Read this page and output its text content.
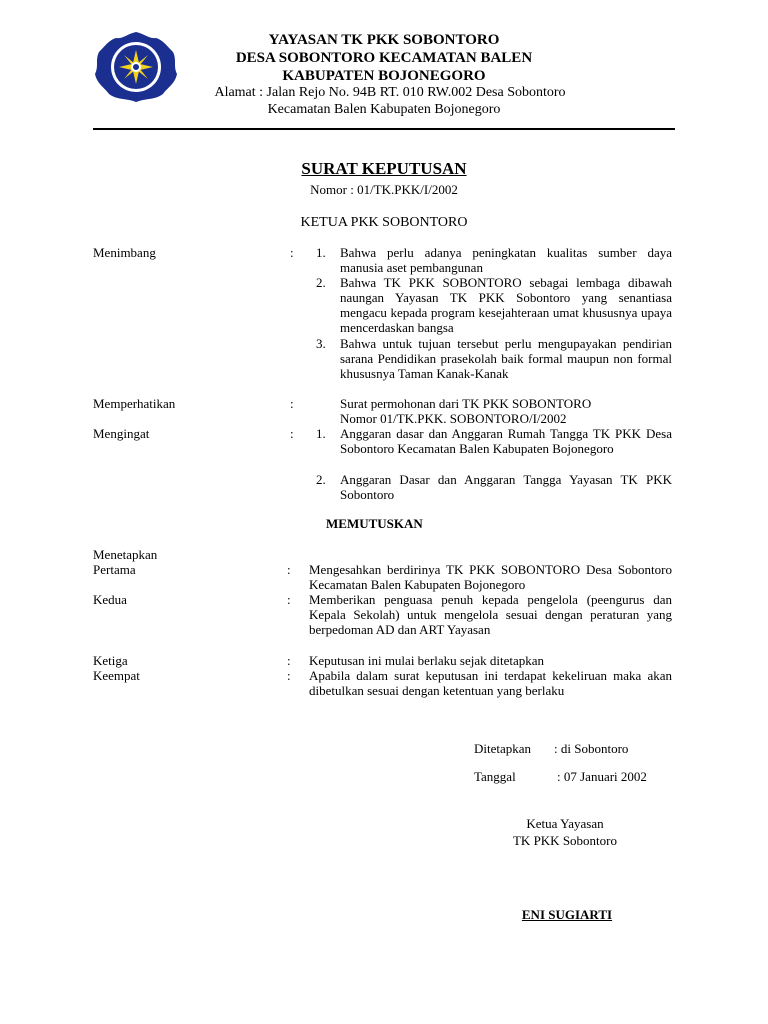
YAYASAN TK PKK SOBONTORO
DESA SOBONTORO KECAMATAN BALEN
KABUPATEN BOJONEGORO
Alamat : Jalan Rejo No. 94B RT. 010 RW.002 Desa Sobontoro
Kecamatan Balen Kabupaten Bojonegoro
SURAT KEPUTUSAN
Nomor : 01/TK.PKK/I/2002
KETUA PKK SOBONTORO
Menimbang	: 1. Bahwa perlu adanya peningkatan kualitas sumber daya manusia aset pembangunan
2. Bahwa TK PKK SOBONTORO sebagai lembaga dibawah naungan Yayasan TK PKK Sobontoro yang senantiasa mengacu kepada program kesejahteraan umat khususnya upaya mencerdaskan bangsa
3. Bahwa untuk tujuan tersebut perlu mengupayakan pendirian sarana Pendidikan prasekolah baik formal maupun non formal khususnya Taman Kanak-Kanak
Memperhatikan	:	Surat permohonan dari TK PKK SOBONTORO
Nomor 01/TK.PKK. SOBONTORO/I/2002
Mengingat	: 1. Anggaran dasar dan Anggaran Rumah Tangga TK PKK Desa Sobontoro Kecamatan Balen Kabupaten Bojonegoro
2. Anggaran Dasar dan Anggaran Tangga Yayasan TK PKK Sobontoro
MEMUTUSKAN
Menetapkan
Pertama	: Mengesahkan berdirinya TK PKK SOBONTORO Desa Sobontoro Kecamatan Balen Kabupaten Bojonegoro
Kedua	: Memberikan penguasa penuh kepada pengelola (peengurus dan Kepala Sekolah) untuk mengelola sesuai dengan peraturan yang berpedoman AD dan ART Yayasan
Ketiga	: Keputusan ini mulai berlaku sejak ditetapkan
Keempat	: Apabila dalam surat keputusan ini terdapat kekeliruan maka akan dibetulkan sesuai dengan ketentuan yang berlaku
Ditetapkan : di Sobontoro
Tanggal	: 07 Januari 2002
Ketua Yayasan
TK PKK Sobontoro
ENI SUGIARTI
